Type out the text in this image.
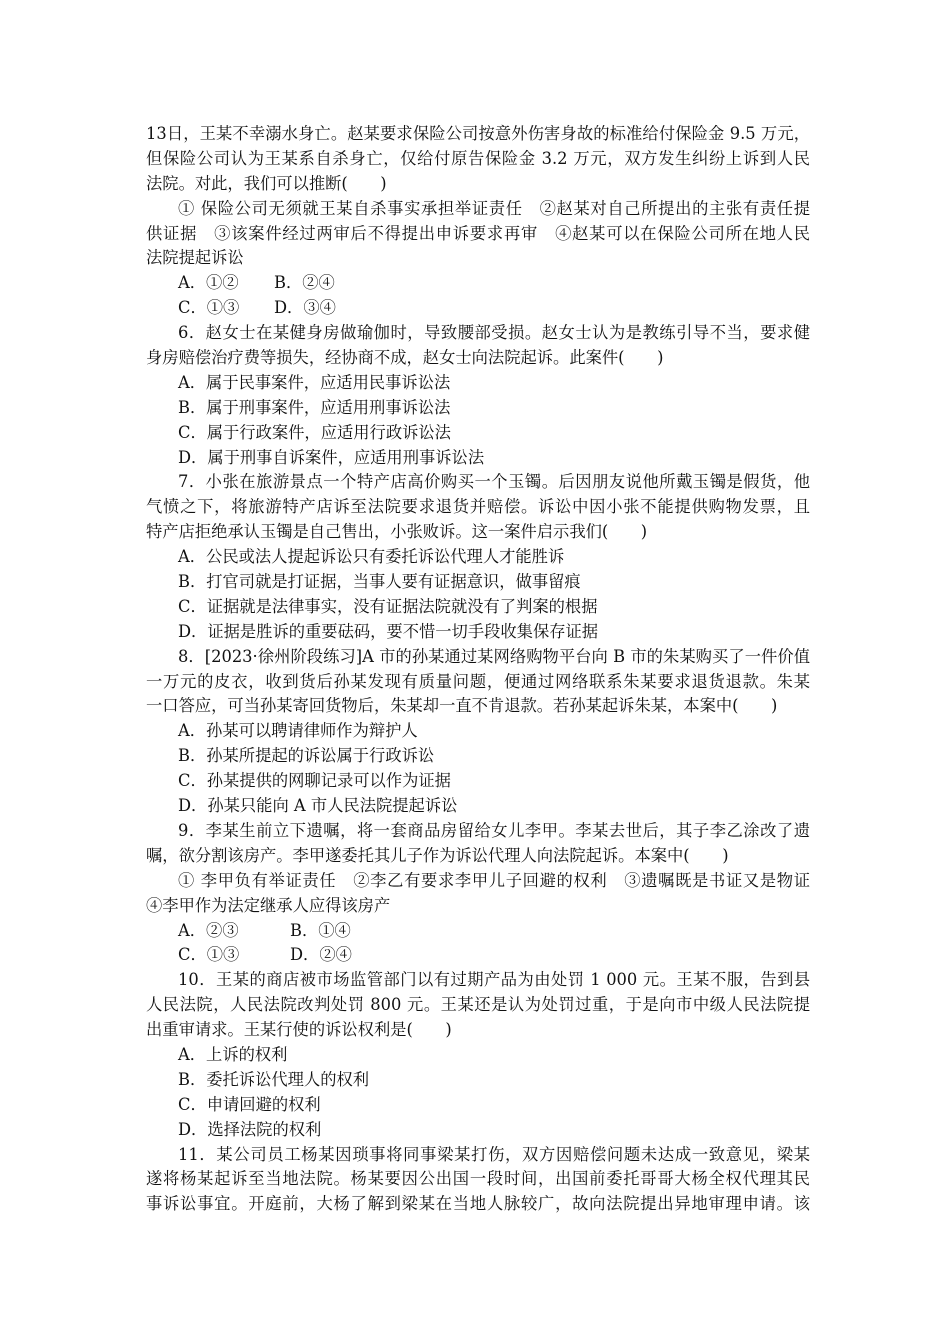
13日，王某不幸溺水身亡。赵某要求保险公司按意外伤害身故的标准给付保险金 9.5 万元，
但保险公司认为王某系自杀身亡，仅给付原告保险金 3.2 万元，双方发生纠纷上诉到人民
法院。对此，我们可以推断(　　)
① 保险公司无须就王某自杀事实承担举证责任　②赵某对自己所提出的主张有责任提
供证据　③该案件经过两审后不得提出申诉要求再审　④赵某可以在保险公司所在地人民
法院提起诉讼
A．①② B．②④
C．①③ D．③④
6．赵女士在某健身房做瑜伽时，导致腰部受损。赵女士认为是教练引导不当，要求健
身房赔偿治疗费等损失，经协商不成，赵女士向法院起诉。此案件(　　)
A．属于民事案件，应适用民事诉讼法
B．属于刑事案件，应适用刑事诉讼法
C．属于行政案件，应适用行政诉讼法
D．属于刑事自诉案件，应适用刑事诉讼法
7．小张在旅游景点一个特产店高价购买一个玉镯。后因朋友说他所戴玉镯是假货，他
气愤之下，将旅游特产店诉至法院要求退货并赔偿。诉讼中因小张不能提供购物发票，且
特产店拒绝承认玉镯是自己售出，小张败诉。这一案件启示我们(　　)
A．公民或法人提起诉讼只有委托诉讼代理人才能胜诉
B．打官司就是打证据，当事人要有证据意识，做事留痕
C．证据就是法律事实，没有证据法院就没有了判案的根据
D．证据是胜诉的重要砝码，要不惜一切手段收集保存证据
8．[2023·徐州阶段练习]A 市的孙某通过某网络购物平台向 B 市的朱某购买了一件价值
一万元的皮衣，收到货后孙某发现有质量问题，便通过网络联系朱某要求退货退款。朱某
一口答应，可当孙某寄回货物后，朱某却一直不肯退款。若孙某起诉朱某，本案中(　　)
A．孙某可以聘请律师作为辩护人
B．孙某所提起的诉讼属于行政诉讼
C．孙某提供的网聊记录可以作为证据
D．孙某只能向 A 市人民法院提起诉讼
9．李某生前立下遗嘱，将一套商品房留给女儿李甲。李某去世后，其子李乙涂改了遗
嘱，欲分割该房产。李甲遂委托其儿子作为诉讼代理人向法院起诉。本案中(　　)
① 李甲负有举证责任　②李乙有要求李甲儿子回避的权利　③遗嘱既是书证又是物证
④李甲作为法定继承人应得该房产
A．②③	B．①④
C．①③	D．②④
10．王某的商店被市场监管部门以有过期产品为由处罚 1 000 元。王某不服，告到县
人民法院，人民法院改判处罚 800 元。王某还是认为处罚过重，于是向市中级人民法院提
出重审请求。王某行使的诉讼权利是(　　)
A．上诉的权利
B．委托诉讼代理人的权利
C．申请回避的权利
D．选择法院的权利
11．某公司员工杨某因琐事将同事梁某打伤，双方因赔偿问题未达成一致意见，梁某
遂将杨某起诉至当地法院。杨某要因公出国一段时间，出国前委托哥哥大杨全权代理其民
事诉讼事宜。开庭前，大杨了解到梁某在当地人脉较广，故向法院提出异地审理申请。该
